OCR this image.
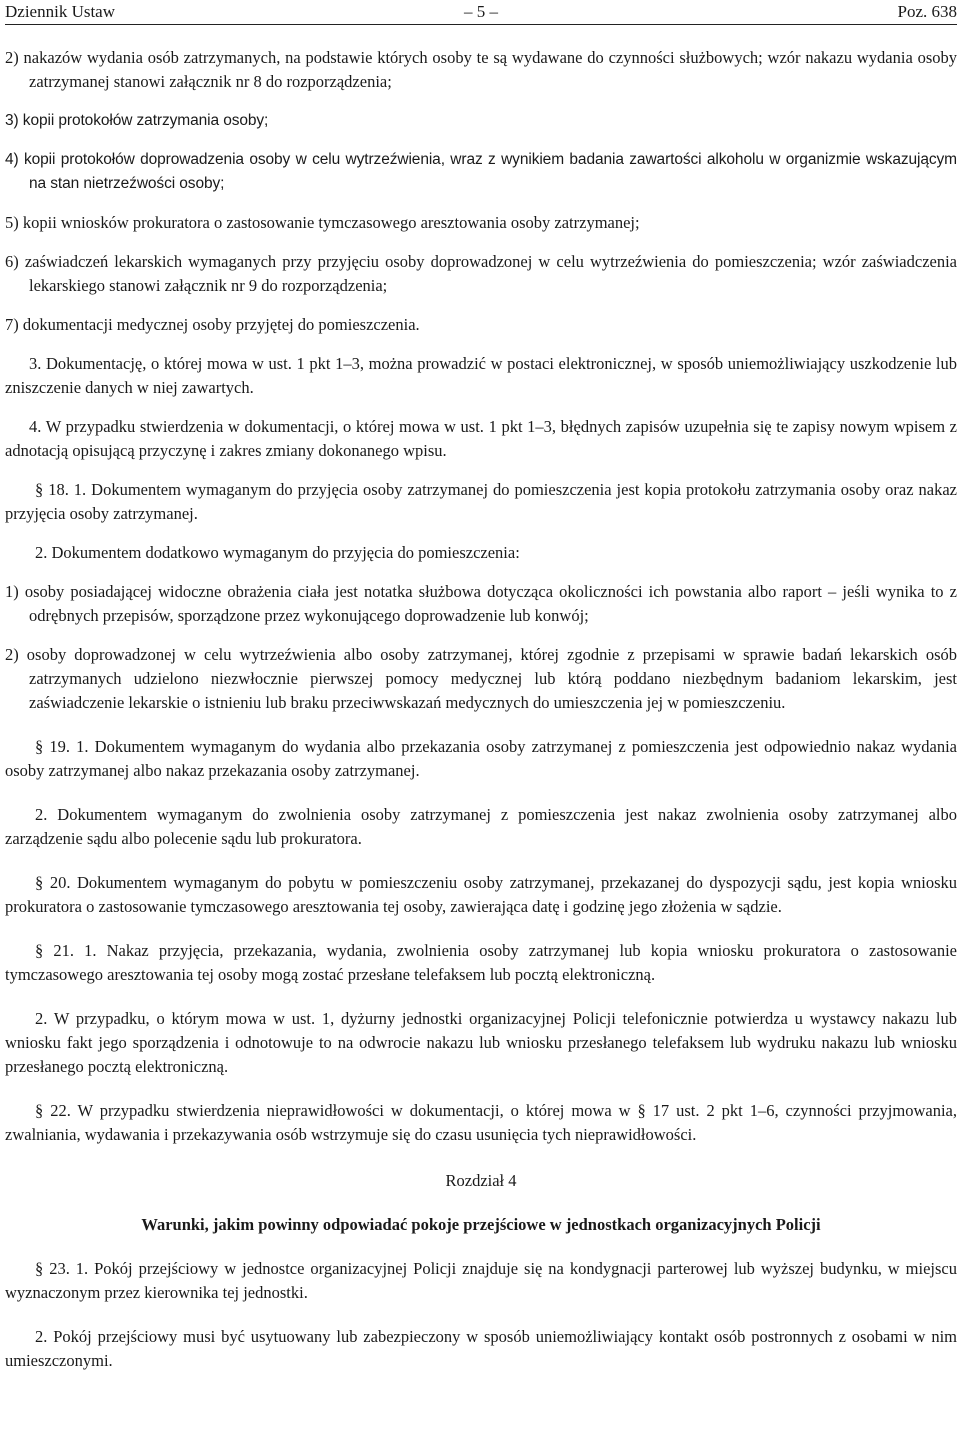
Dziennik Ustaw	– 5 –	Poz. 638

2) nakazów wydania osób zatrzymanych, na podstawie których osoby te są wydawane do czynności służbowych; wzór nakazu wydania osoby zatrzymanej stanowi załącznik nr 8 do rozporządzenia;

3) kopii protokołów zatrzymania osoby;

4) kopii protokołów doprowadzenia osoby w celu wytrzeźwienia, wraz z wynikiem badania zawartości alkoholu w organizmie wskazującym na stan nietrzeźwości osoby;

5) kopii wniosków prokuratora o zastosowanie tymczasowego aresztowania osoby zatrzymanej;

6) zaświadczeń lekarskich wymaganych przy przyjęciu osoby doprowadzonej w celu wytrzeźwienia do pomieszczenia; wzór zaświadczenia lekarskiego stanowi załącznik nr 9 do rozporządzenia;

7) dokumentacji medycznej osoby przyjętej do pomieszczenia.

3. Dokumentację, o której mowa w ust. 1 pkt 1–3, można prowadzić w postaci elektronicznej, w sposób uniemożliwiający uszkodzenie lub zniszczenie danych w niej zawartych.

4. W przypadku stwierdzenia w dokumentacji, o której mowa w ust. 1 pkt 1–3, błędnych zapisów uzupełnia się te zapisy nowym wpisem z adnotacją opisującą przyczynę i zakres zmiany dokonanego wpisu.

§ 18. 1. Dokumentem wymaganym do przyjęcia osoby zatrzymanej do pomieszczenia jest kopia protokołu zatrzymania osoby oraz nakaz przyjęcia osoby zatrzymanej.

2. Dokumentem dodatkowo wymaganym do przyjęcia do pomieszczenia:

1) osoby posiadającej widoczne obrażenia ciała jest notatka służbowa dotycząca okoliczności ich powstania albo raport – jeśli wynika to z odrębnych przepisów, sporządzone przez wykonującego doprowadzenie lub konwój;

2) osoby doprowadzonej w celu wytrzeźwienia albo osoby zatrzymanej, której zgodnie z przepisami w sprawie badań lekarskich osób zatrzymanych udzielono niezwłocznie pierwszej pomocy medycznej lub którą poddano niezbędnym badaniom lekarskim, jest zaświadczenie lekarskie o istnieniu lub braku przeciwwskazań medycznych do umieszczenia jej w pomieszczeniu.

§ 19. 1. Dokumentem wymaganym do wydania albo przekazania osoby zatrzymanej z pomieszczenia jest odpowiednio nakaz wydania osoby zatrzymanej albo nakaz przekazania osoby zatrzymanej.

2. Dokumentem wymaganym do zwolnienia osoby zatrzymanej z pomieszczenia jest nakaz zwolnienia osoby zatrzymanej albo zarządzenie sądu albo polecenie sądu lub prokuratora.

§ 20. Dokumentem wymaganym do pobytu w pomieszczeniu osoby zatrzymanej, przekazanej do dyspozycji sądu, jest kopia wniosku prokuratora o zastosowanie tymczasowego aresztowania tej osoby, zawierająca datę i godzinę jego złożenia w sądzie.

§ 21. 1. Nakaz przyjęcia, przekazania, wydania, zwolnienia osoby zatrzymanej lub kopia wniosku prokuratora o zastosowanie tymczasowego aresztowania tej osoby mogą zostać przesłane telefaksem lub pocztą elektroniczną.

2. W przypadku, o którym mowa w ust. 1, dyżurny jednostki organizacyjnej Policji telefonicznie potwierdza u wystawcy nakazu lub wniosku fakt jego sporządzenia i odnotowuje to na odwrocie nakazu lub wniosku przesłanego telefaksem lub wydruku nakazu lub wniosku przesłanego pocztą elektroniczną.

§ 22. W przypadku stwierdzenia nieprawidłowości w dokumentacji, o której mowa w § 17 ust. 2 pkt 1–6, czynności przyjmowania, zwalniania, wydawania i przekazywania osób wstrzymuje się do czasu usunięcia tych nieprawidłowości.

Rozdział 4

Warunki, jakim powinny odpowiadać pokoje przejściowe w jednostkach organizacyjnych Policji

§ 23. 1. Pokój przejściowy w jednostce organizacyjnej Policji znajduje się na kondygnacji parterowej lub wyższej budynku, w miejscu wyznaczonym przez kierownika tej jednostki.

2. Pokój przejściowy musi być usytuowany lub zabezpieczony w sposób uniemożliwiający kontakt osób postronnych z osobami w nim umieszczonymi.
